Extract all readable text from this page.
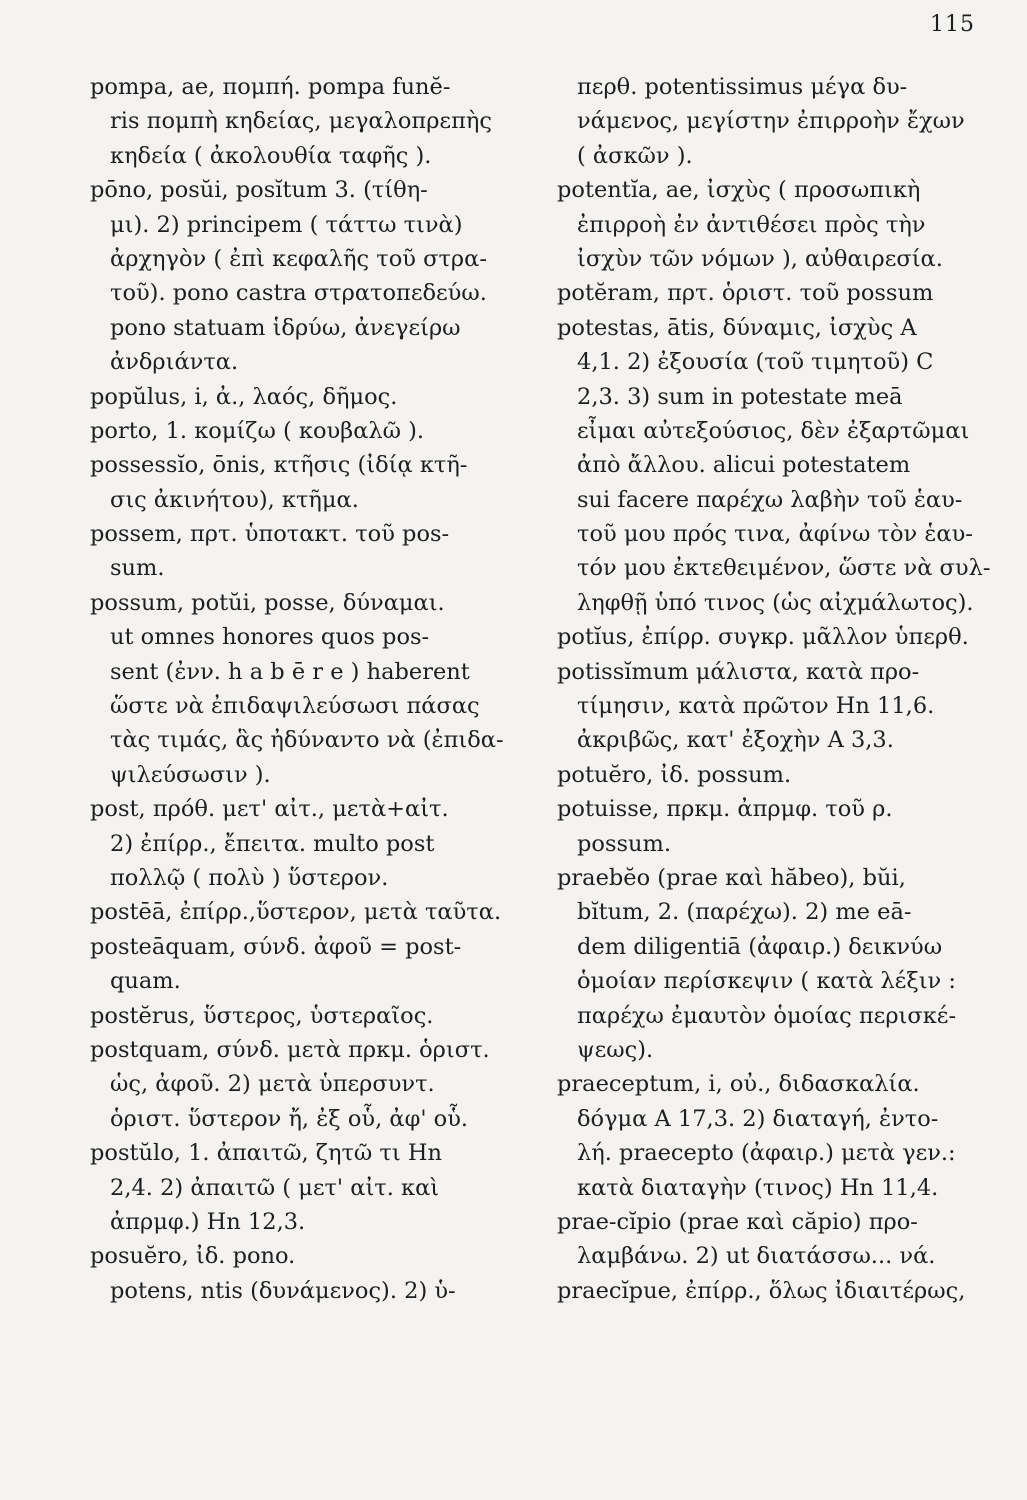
115
pompa, ae, πομπή. pompa funĕ-
ris πομπὴ κηδείας, μεγαλοπρεπὴς
κηδεία ( ἀκολουθία ταφῆς ).
pōno, posŭi, posĭtum 3. (τίθη-
μι). 2) principem ( τάττω τινὰ)
ἀρχηγὸν ( ἐπὶ κεφαλῆς τοῦ στρα-
τοῦ). pono castra στρατοπεδεύω.
pono statuam ἱδρύω, ἀνεγείρω
ἀνδριάντα.
popŭlus, i, ἀ., λαός, δῆμος.
porto, 1. κομίζω ( κουβαλῶ ).
possessĭo, ōnis, κτῆσις (ἰδίᾳ κτῆ-
σις ἀκινήτου), κτῆμα.
possem, πρτ. ὑποτακτ. τοῦ pos-
sum.
possum, potŭi, posse, δύναμαι.
ut omnes honores quos pos-
sent (ἐνν. h a b ē r e ) haberent
ὥστε νὰ ἐπιδαψιλεύσωσι πάσας
τὰς τιμάς, ἃς ἠδύναντο νὰ (ἐπιδα-
ψιλεύσωσιν ).
post, πρόθ. μετ' αἰτ., μετὰ+αἰτ.
2) ἐπίρρ., ἔπειτα. multo post
πολλῷ ( πολὺ ) ὕστερον.
postēā, ἐπίρρ.,ὕστερον, μετὰ ταῦτα.
posteāquam, σύνδ. ἀφοῦ = post-
quam.
postĕrus, ὕστερος, ὑστεραῖος.
postquam, σύνδ. μετὰ πρκμ. ὁριστ.
ὡς, ἀφοῦ. 2) μετὰ ὑπερσυντ.
ὁριστ. ὕστερον ἤ, ἐξ οὗ, ἀφ' οὗ.
postŭlo, 1. ἀπαιτῶ, ζητῶ τι Hn
2,4. 2) ἀπαιτῶ ( μετ' αἰτ. καὶ
ἀπρμφ.) Hn 12,3.
posuĕro, ἰδ. pono.
potens, ntis (δυνάμενος). 2) ὑ-
περθ. potentissimus μέγα δυ-
νάμενος, μεγίστην ἐπιρροὴν ἔχων
( ἀσκῶν ).
potentĭa, ae, ἰσχὺς ( προσωπικὴ
ἐπιρροὴ ἐν ἀντιθέσει πρὸς τὴν
ἰσχὺν τῶν νόμων ), αὐθαιρεσία.
potĕram, πρτ. ὁριστ. τοῦ possum
potestas, ātis, δύναμις, ἰσχὺς A
4,1. 2) ἐξουσία (τοῦ τιμητοῦ) C
2,3. 3) sum in potestate meā
εἶμαι αὐτεξούσιος, δὲν ἐξαρτῶμαι
ἀπὸ ἄλλου. alicui potestatem
sui facere παρέχω λαβὴν τοῦ ἑαυ-
τοῦ μου πρός τινα, ἀφίνω τὸν ἑαυ-
τόν μου ἐκτεθειμένον, ὥστε νὰ συλ-
ληφθῇ ὑπό τινος (ὡς αἰχμάλωτος).
potĭus, ἐπίρρ. συγκρ. μᾶλλον ὑπερθ.
potissĭmum μάλιστα, κατὰ προ-
τίμησιν, κατὰ πρῶτον Hn 11,6.
ἀκριβῶς, κατ' ἐξοχὴν A 3,3.
potuĕro, ἰδ. possum.
potuisse, πρκμ. ἀπρμφ. τοῦ ρ.
possum.
praebĕo (prae καὶ hăbeo), bŭi,
bĭtum, 2. (παρέχω). 2) me eā-
dem diligentiā (ἀφαιρ.) δεικνύω
ὁμοίαν περίσκεψιν ( κατὰ λέξιν :
παρέχω ἐμαυτὸν ὁμοίας περισκέ-
ψεως).
praeceptum, i, οὐ., διδασκαλία.
δόγμα A 17,3. 2) διαταγή, ἐντο-
λή. praecepto (ἀφαιρ.) μετὰ γεν.:
κατὰ διαταγὴν (τινος) Hn 11,4.
prae-cĭpio (prae καὶ căpio) προ-
λαμβάνω. 2) ut διατάσσω... νά.
praecĭpue, ἐπίρρ., ὅλως ἰδιαιτέρως,
